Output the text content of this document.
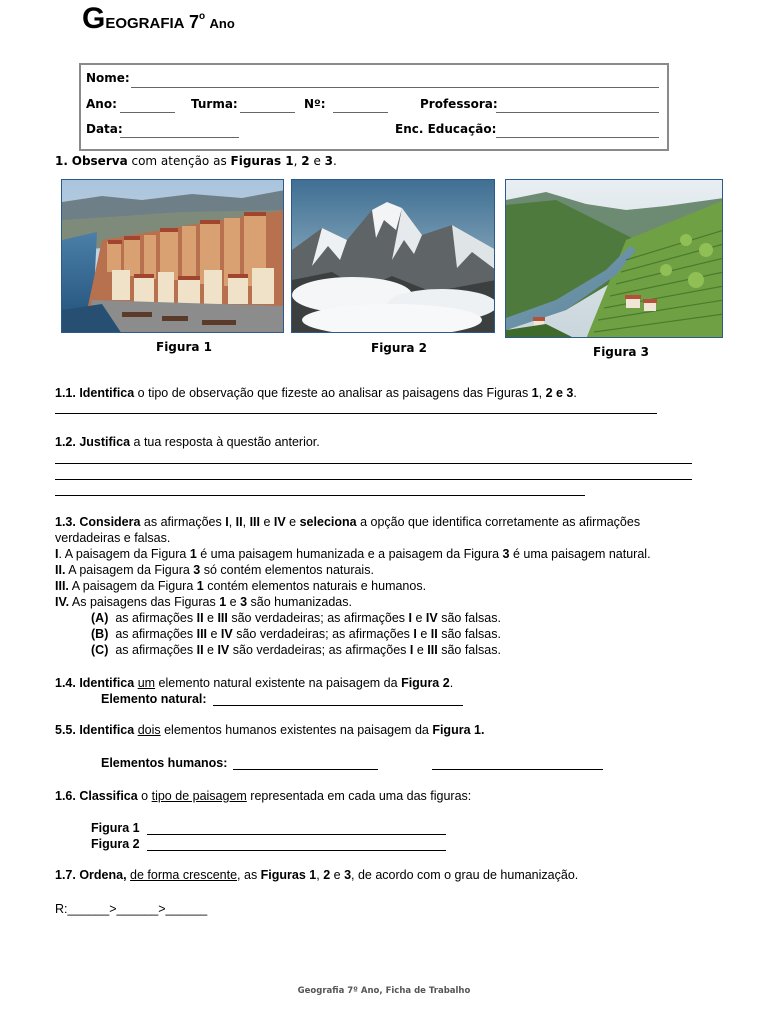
GEOGRAFIA 7$^o$ Ano
Nome:
Ano:	Turma:	Nº:	Professora:
Data:	Enc. Educação:
1. Observa com atenção as Figuras 1, 2 e 3.
Figura 1	Figura 2	Figura 3
1.1. Identifica o tipo de observação que fizeste ao analisar as paisagens das Figuras 1, 2 e 3.
1.2. Justifica a tua resposta à questão anterior.
1.3. Considera as afirmações I, II, III e IV e seleciona a opção que identifica corretamente as afirmações
verdadeiras e falsas.
I. A paisagem da Figura 1 é uma paisagem humanizada e a paisagem da Figura 3 é uma paisagem natural.
II. A paisagem da Figura 3 só contém elementos naturais.
III. A paisagem da Figura 1 contém elementos naturais e humanos.
IV. As paisagens das Figuras 1 e 3 são humanizadas.
(A) as afirmações II e III são verdadeiras; as afirmações I e IV são falsas.
(B) as afirmações III e IV são verdadeiras; as afirmações I e II são falsas.
(C) as afirmações II e IV são verdadeiras; as afirmações I e III são falsas.
1.4. Identifica um elemento natural existente na paisagem da Figura 2.
Elemento natural:
5.5. Identifica dois elementos humanos existentes na paisagem da Figura 1.
Elementos humanos:
1.6. Classifica o tipo de paisagem representada em cada uma das figuras:
Figura 1
Figura 2
1.7. Ordena, de forma crescente, as Figuras 1, 2 e 3, de acordo com o grau de humanização.
R:______>______>______
Geografia 7º Ano, Ficha de Trabalho
